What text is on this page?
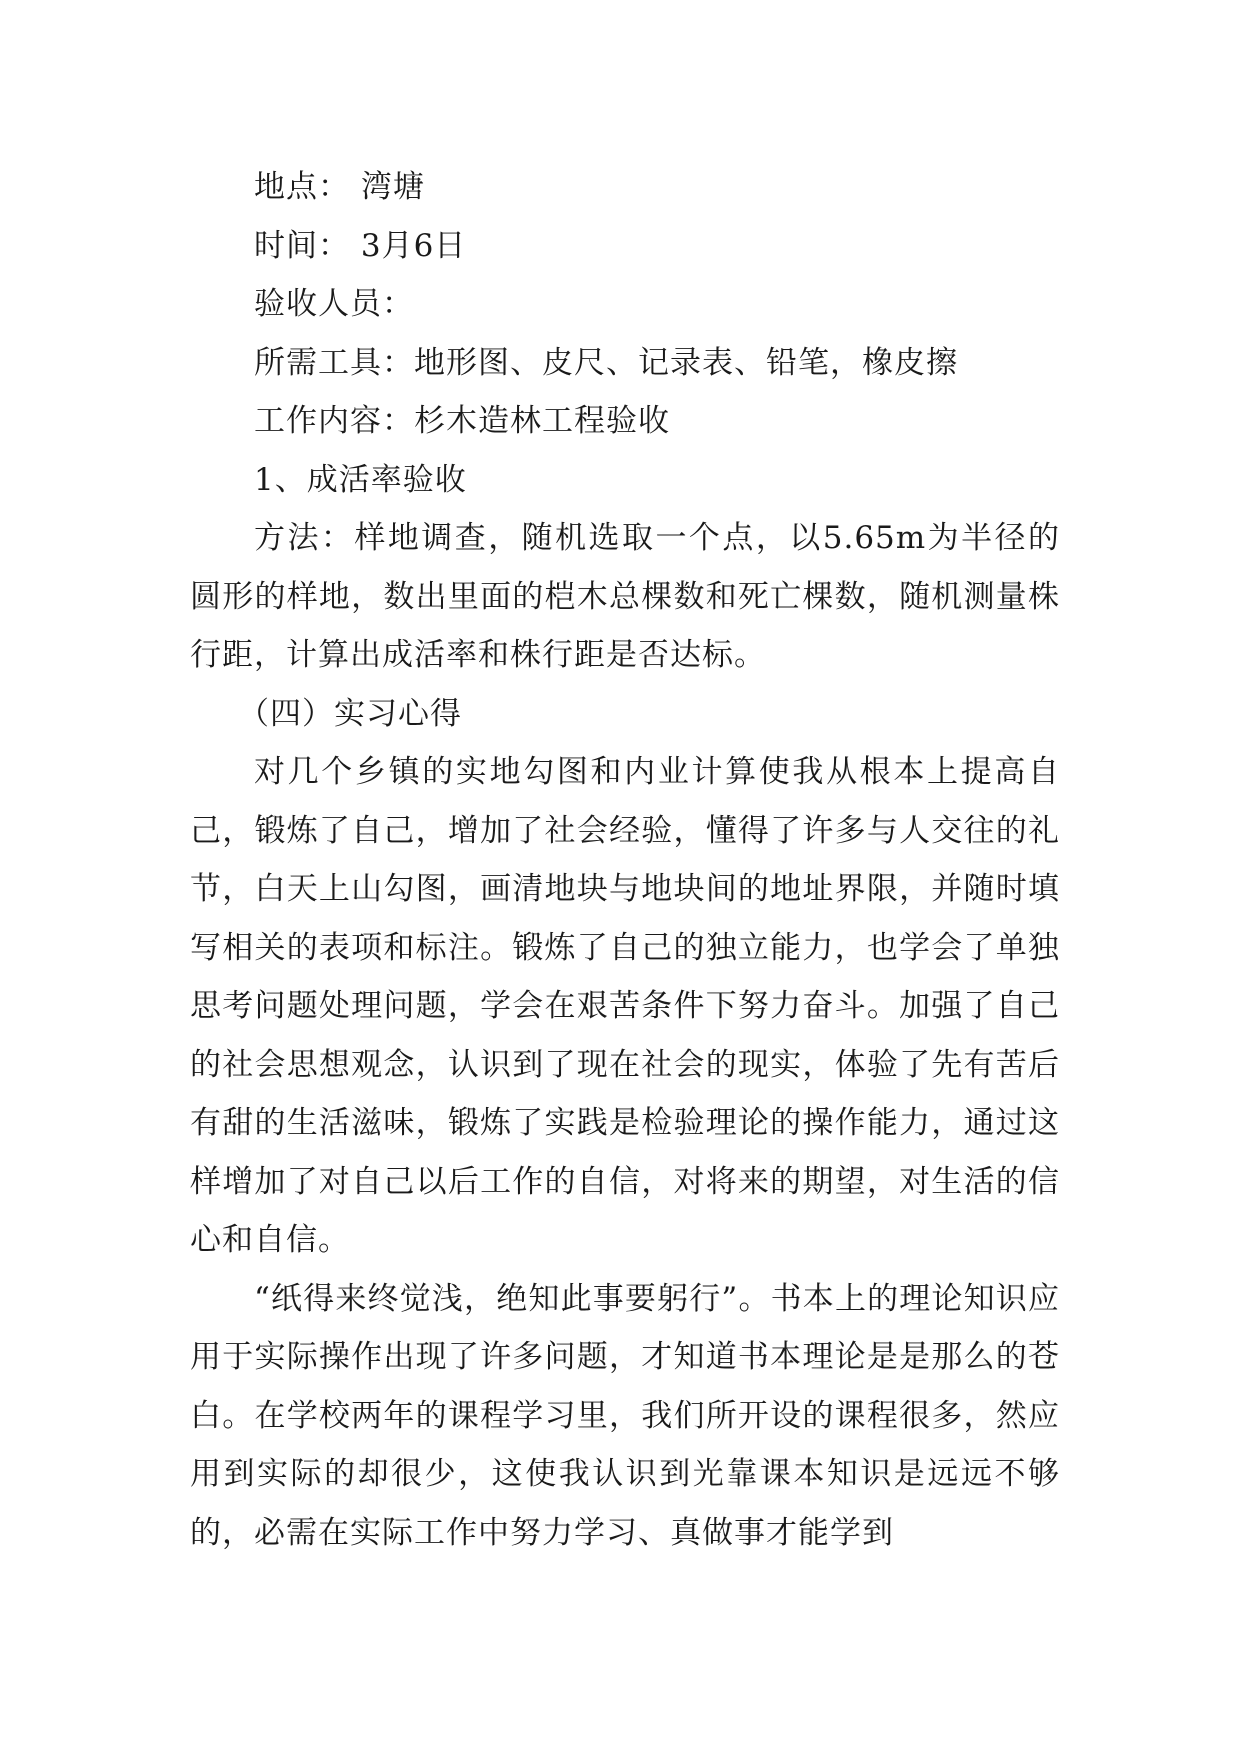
地点： 湾塘
时间： 3月6日
验收人员：
所需工具：地形图、皮尺、记录表、铅笔，橡皮擦
工作内容：杉木造林工程验收
1、成活率验收

方法：样地调查，随机选取一个点，以5.65m为半径的圆形的样地，数出里面的桤木总棵数和死亡棵数，随机测量株行距，计算出成活率和株行距是否达标。

（四）实习心得

对几个乡镇的实地勾图和内业计算使我从根本上提高自己，锻炼了自己，增加了社会经验，懂得了许多与人交往的礼节，白天上山勾图，画清地块与地块间的地址界限，并随时填写相关的表项和标注。锻炼了自己的独立能力，也学会了单独思考问题处理问题，学会在艰苦条件下努力奋斗。加强了自己的社会思想观念，认识到了现在社会的现实，体验了先有苦后有甜的生活滋味，锻炼了实践是检验理论的操作能力，通过这样增加了对自己以后工作的自信，对将来的期望，对生活的信心和自信。

“纸得来终觉浅，绝知此事要躬行”。书本上的理论知识应用于实际操作出现了许多问题，才知道书本理论是是那么的苍白。在学校两年的课程学习里，我们所开设的课程很多，然应用到实际的却很少，这使我认识到光靠课本知识是远远不够的，必需在实际工作中努力学习、真做事才能学到
